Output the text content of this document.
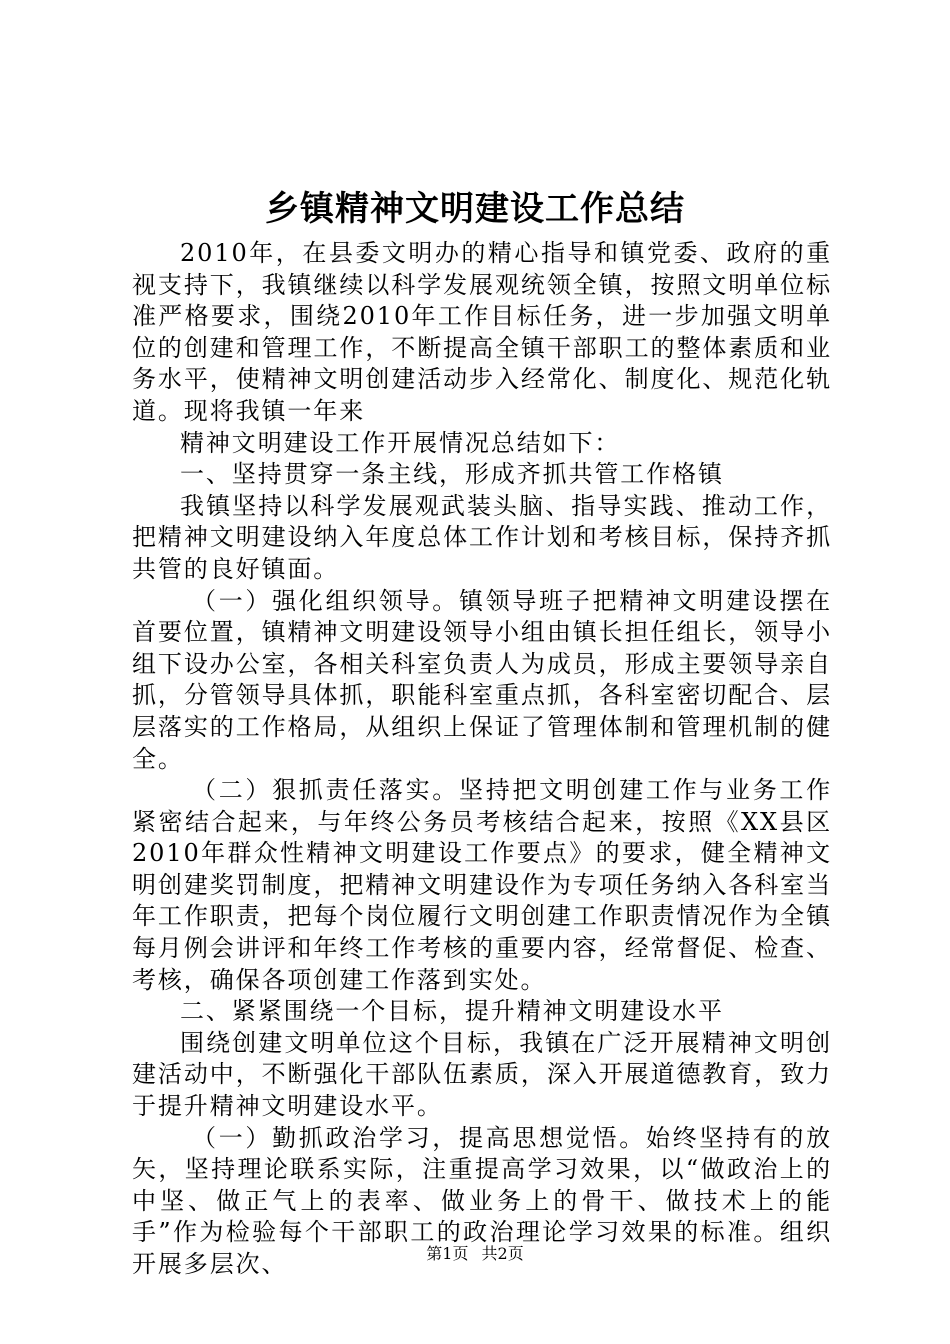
乡镇精神文明建设工作总结

2010年，在县委文明办的精心指导和镇党委、政府的重视支持下，我镇继续以科学发展观统领全镇，按照文明单位标准严格要求，围绕2010年工作目标任务，进一步加强文明单位的创建和管理工作，不断提高全镇干部职工的整体素质和业务水平，使精神文明创建活动步入经常化、制度化、规范化轨道。现将我镇一年来

精神文明建设工作开展情况总结如下：

一、坚持贯穿一条主线，形成齐抓共管工作格镇

我镇坚持以科学发展观武装头脑、指导实践、推动工作，把精神文明建设纳入年度总体工作计划和考核目标，保持齐抓共管的良好镇面。

（一）强化组织领导。镇领导班子把精神文明建设摆在首要位置，镇精神文明建设领导小组由镇长担任组长，领导小组下设办公室，各相关科室负责人为成员，形成主要领导亲自抓，分管领导具体抓，职能科室重点抓，各科室密切配合、层层落实的工作格局，从组织上保证了管理体制和管理机制的健全。

（二）狠抓责任落实。坚持把文明创建工作与业务工作紧密结合起来，与年终公务员考核结合起来，按照《XX县区2010年群众性精神文明建设工作要点》的要求，健全精神文明创建奖罚制度，把精神文明建设作为专项任务纳入各科室当年工作职责，把每个岗位履行文明创建工作职责情况作为全镇每月例会讲评和年终工作考核的重要内容，经常督促、检查、考核，确保各项创建工作落到实处。

二、紧紧围绕一个目标，提升精神文明建设水平

围绕创建文明单位这个目标，我镇在广泛开展精神文明创建活动中，不断强化干部队伍素质，深入开展道德教育，致力于提升精神文明建设水平。

（一）勤抓政治学习，提高思想觉悟。始终坚持有的放矢，坚持理论联系实际，注重提高学习效果，以“做政治上的中坚、做正气上的表率、做业务上的骨干、做技术上的能手”作为检验每个干部职工的政治理论学习效果的标准。组织开展多层次、	第1页 共2页
